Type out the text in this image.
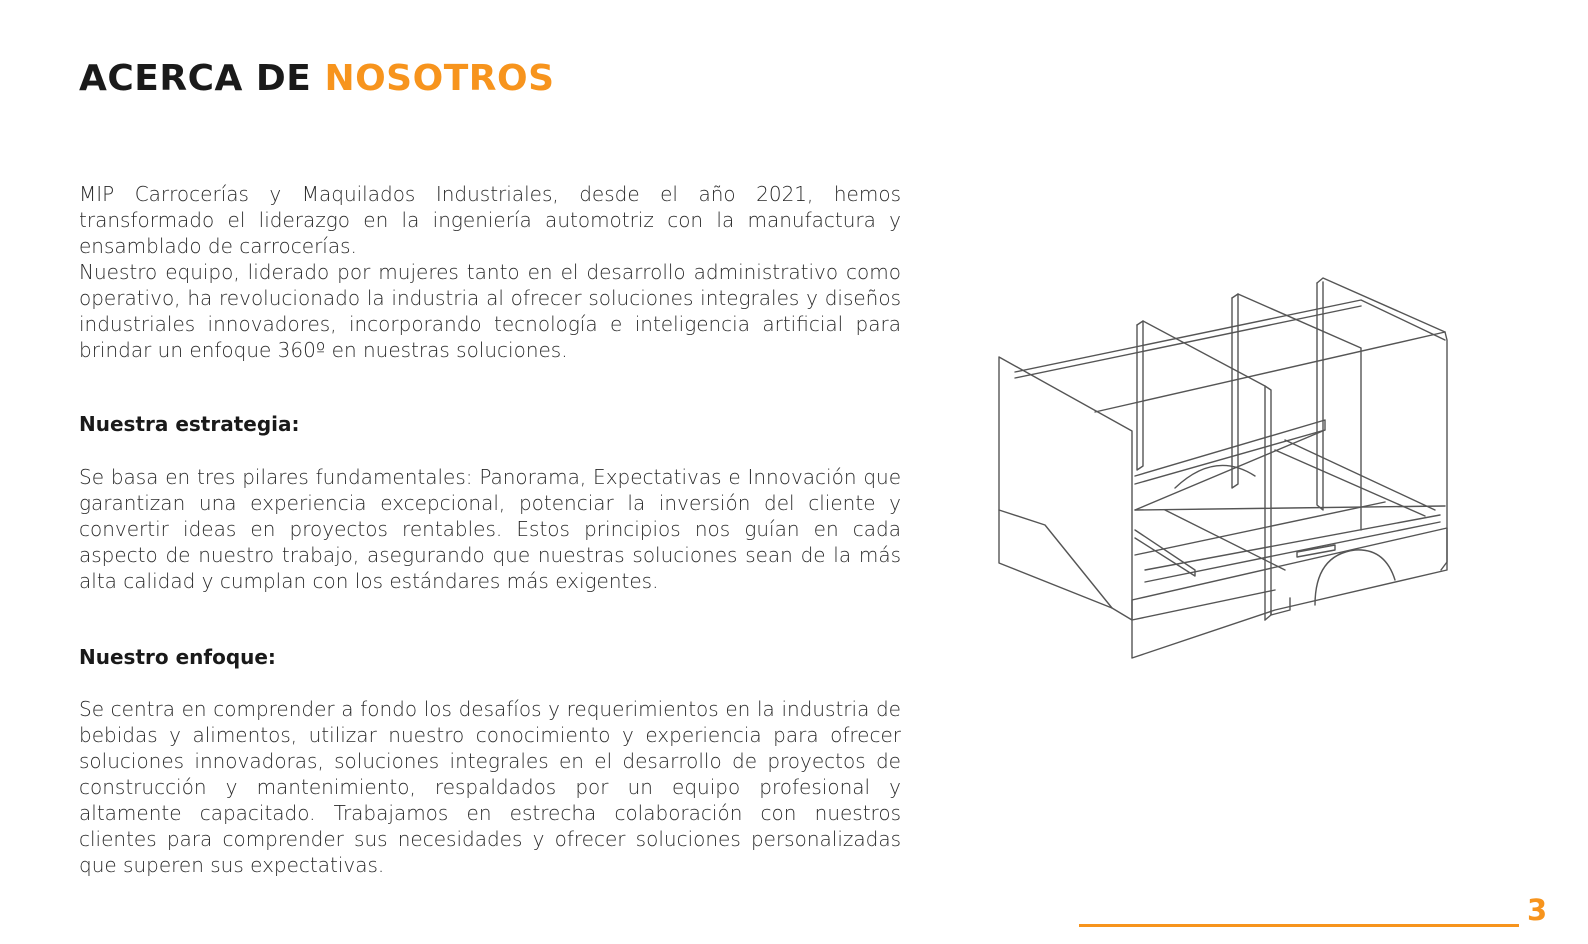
ACERCA DE NOSOTROS

MIP Carrocerías y Maquilados Industriales, desde el año 2021, hemos transformado el liderazgo en la ingeniería automotriz con la manufactura y ensamblado de carrocerías.

Nuestro equipo, liderado por mujeres tanto en el desarrollo administrativo como operativo, ha revolucionado la industria al ofrecer soluciones integrales y diseños industriales innovadores, incorporando tecnología e inteligencia artificial para brindar un enfoque 360º en nuestras soluciones.

Nuestra estrategia:

Se basa en tres pilares fundamentales: Panorama, Expectativas e Innovación que garantizan una experiencia excepcional, potenciar la inversión del cliente y convertir ideas en proyectos rentables. Estos principios nos guían en cada aspecto de nuestro trabajo, asegurando que nuestras soluciones sean de la más alta calidad y cumplan con los estándares más exigentes.

Nuestro enfoque:

Se centra en comprender a fondo los desafíos y requerimientos en la industria de bebidas y alimentos, utilizar nuestro conocimiento y experiencia para ofrecer soluciones innovadoras, soluciones integrales en el desarrollo de proyectos de construcción y mantenimiento, respaldados por un equipo profesional y altamente capacitado. Trabajamos en estrecha colaboración con nuestros clientes para comprender sus necesidades y ofrecer soluciones personalizadas que superen sus expectativas.

3
